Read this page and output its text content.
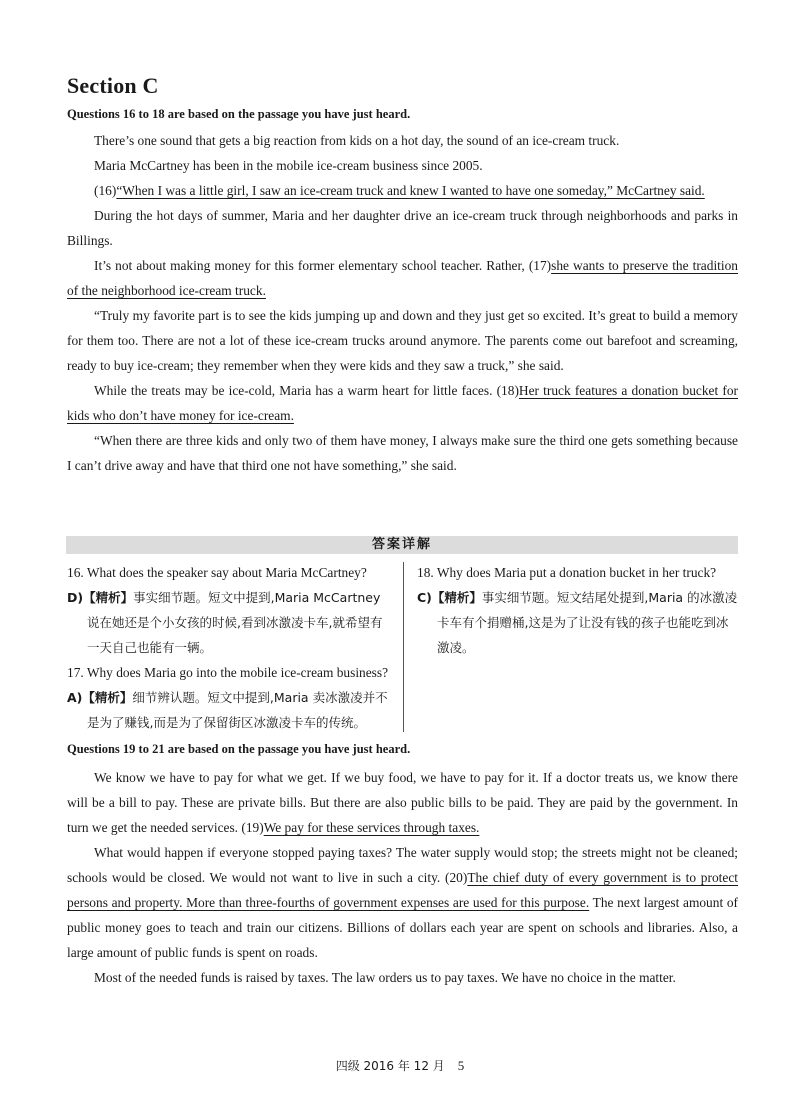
Section C
Questions 16 to 18 are based on the passage you have just heard.

There’s one sound that gets a big reaction from kids on a hot day, the sound of an ice-cream truck.

Maria McCartney has been in the mobile ice-cream business since 2005.

(16)“When I was a little girl, I saw an ice-cream truck and knew I wanted to have one someday,” McCartney said.

During the hot days of summer, Maria and her daughter drive an ice-cream truck through neighborhoods and parks in Billings.

It’s not about making money for this former elementary school teacher. Rather, (17)she wants to preserve the tradition of the neighborhood ice-cream truck.

“Truly my favorite part is to see the kids jumping up and down and they just get so excited. It’s great to build a memory for them too. There are not a lot of these ice-cream trucks around anymore. The parents come out barefoot and screaming, ready to buy ice-cream; they remember when they were kids and they saw a truck,” she said.

While the treats may be ice-cold, Maria has a warm heart for little faces. (18)Her truck features a donation bucket for kids who don’t have money for ice-cream.

“When there are three kids and only two of them have money, I always make sure the third one gets something because I can’t drive away and have that third one not have something,” she said.

答案详解
16. What does the speaker say about Maria McCartney?
D)【精析】事实细节题。短文中提到,Maria McCartney说在她还是个小女孩的时候,看到冰激凌卡车,就希望有一天自己也能有一辆。
17. Why does Maria go into the mobile ice-cream business?
A)【精析】细节辨认题。短文中提到,Maria 卖冰激凌并不是为了赚钱,而是为了保留街区冰激凌卡车的传统。
18. Why does Maria put a donation bucket in her truck?
C)【精析】事实细节题。短文结尾处提到,Maria 的冰激凌卡车有个捐赠桶,这是为了让没有钱的孩子也能吃到冰激凌。
Questions 19 to 21 are based on the passage you have just heard.

We know we have to pay for what we get. If we buy food, we have to pay for it. If a doctor treats us, we know there will be a bill to pay. These are private bills. But there are also public bills to be paid. They are paid by the government. In turn we get the needed services. (19)We pay for these services through taxes.

What would happen if everyone stopped paying taxes? The water supply would stop; the streets might not be cleaned; schools would be closed. We would not want to live in such a city. (20)The chief duty of every government is to protect persons and property. More than three-fourths of government expenses are used for this purpose. The next largest amount of public money goes to teach and train our citizens. Billions of dollars each year are spent on schools and libraries. Also, a large amount of public funds is spent on roads.

Most of the needed funds is raised by taxes. The law orders us to pay taxes. We have no choice in the matter.

四级 2016 年 12 月 5
